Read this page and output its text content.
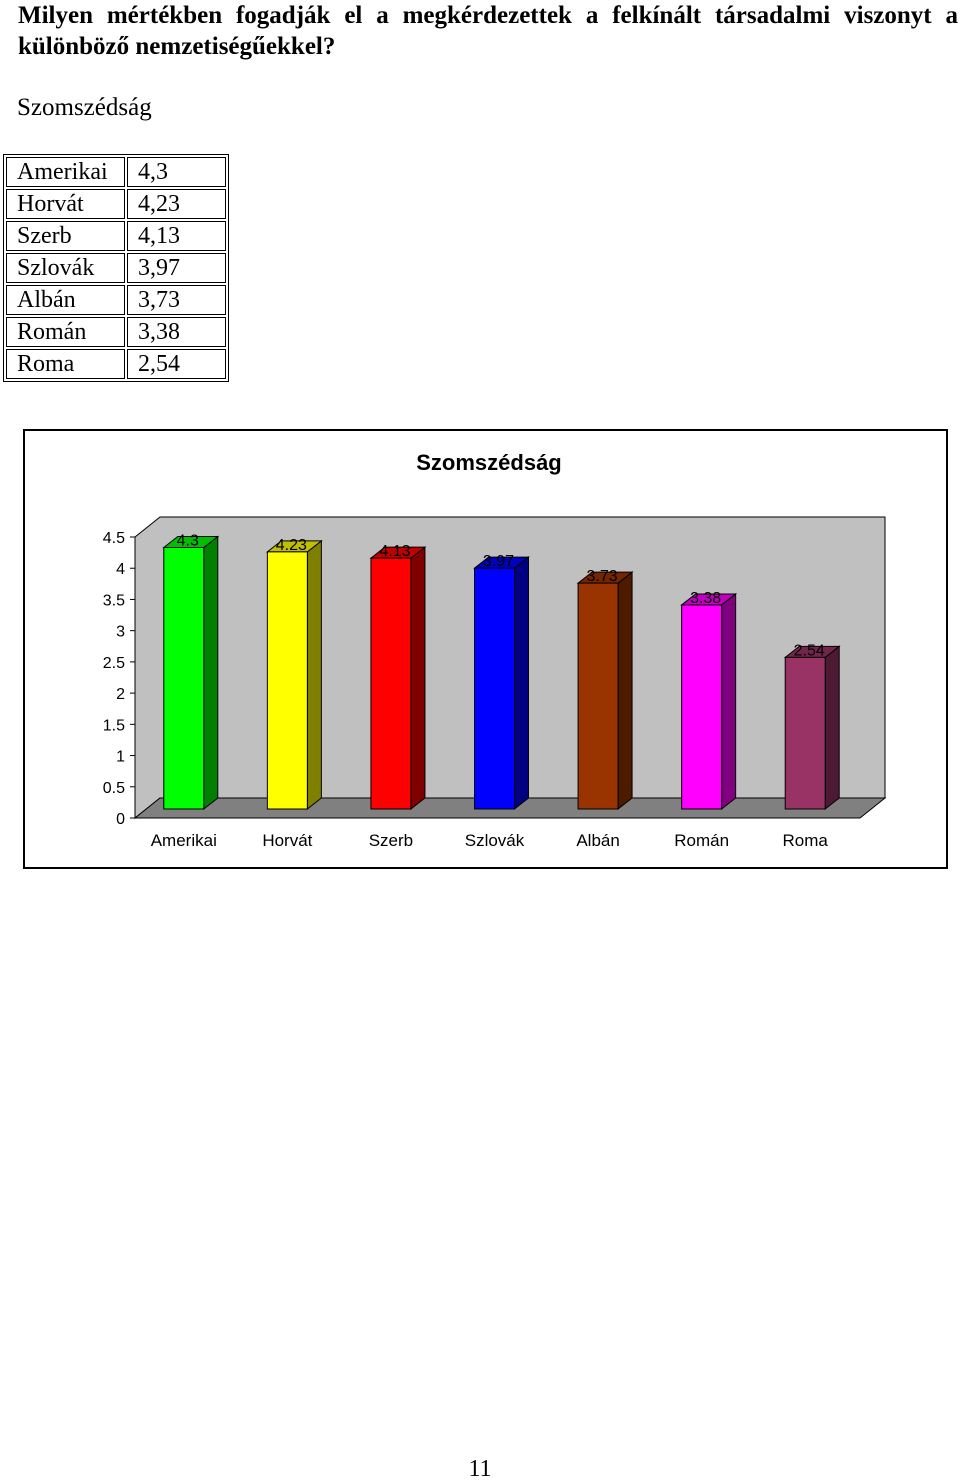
Milyen mértékben fogadják el a megkérdezettek a felkínált társadalmi viszonyt a különböző nemzetiségűekkel?
Szomszédság
Amerikai	4,3
Horvát	4,23
Szerb	4,13
Szlovák	3,97
Albán	3,73
Román	3,38
Roma	2,54
Szomszédság
0
0.5
1
1.5
2
2.5
3
3.5
4
4.5	4.3
Amerikai
4.23
Horvát
4.13
Szerb
3.97
Szlovák
3.73
Albán
3.38
Román
2.54
Roma
11
